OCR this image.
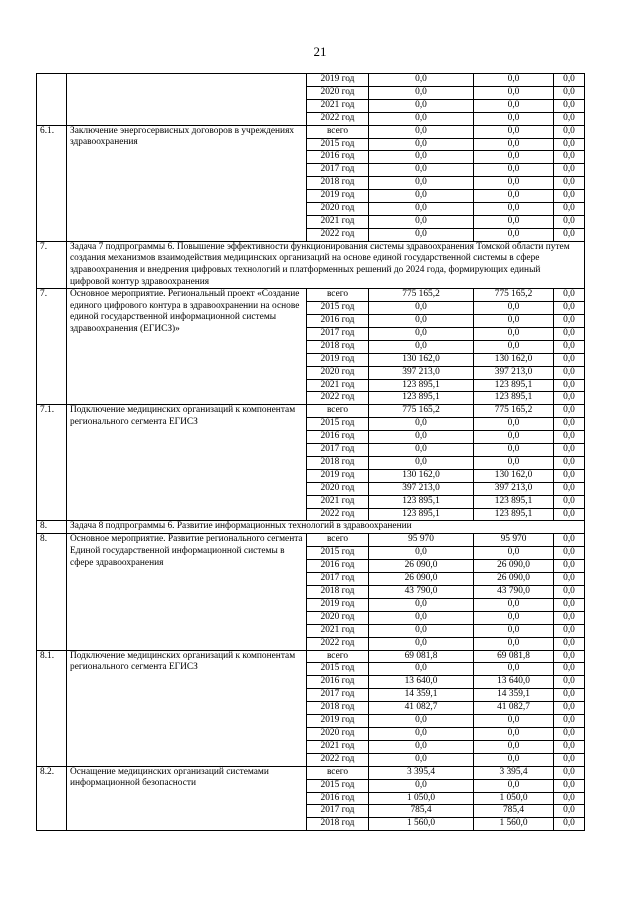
21
		2019 год	0,0	0,0	0,0
		2020 год	0,0	0,0	0,0
		2021 год	0,0	0,0	0,0
		2022 год	0,0	0,0	0,0
6.1.	Заключение энергосервисных договоров в учреждениях здравоохранения	всего	0,0	0,0	0,0
		2015 год	0,0	0,0	0,0
		2016 год	0,0	0,0	0,0
		2017 год	0,0	0,0	0,0
		2018 год	0,0	0,0	0,0
		2019 год	0,0	0,0	0,0
		2020 год	0,0	0,0	0,0
		2021 год	0,0	0,0	0,0
		2022 год	0,0	0,0	0,0
7.	Задача 7 подпрограммы 6. Повышение эффективности функционирования системы здравоохранения Томской области путем создания механизмов взаимодействия медицинских организаций на основе единой государственной системы в сфере здравоохранения и внедрения цифровых технологий и платформенных решений до 2024 года, формирующих единый цифровой контур здравоохранения				
7.	Основное мероприятие. Региональный проект «Создание единого цифрового контура в здравоохранении на основе единой государственной информационной системы здравоохранения (ЕГИСЗ)»	всего	775 165,2	775 165,2	0,0
		2015 год	0,0	0,0	0,0
		2016 год	0,0	0,0	0,0
		2017 год	0,0	0,0	0,0
		2018 год	0,0	0,0	0,0
		2019 год	130 162,0	130 162,0	0,0
		2020 год	397 213,0	397 213,0	0,0
		2021 год	123 895,1	123 895,1	0,0
		2022 год	123 895,1	123 895,1	0,0
7.1.	Подключение медицинских организаций к компонентам регионального сегмента ЕГИСЗ	всего	775 165,2	775 165,2	0,0
		2015 год	0,0	0,0	0,0
		2016 год	0,0	0,0	0,0
		2017 год	0,0	0,0	0,0
		2018 год	0,0	0,0	0,0
		2019 год	130 162,0	130 162,0	0,0
		2020 год	397 213,0	397 213,0	0,0
		2021 год	123 895,1	123 895,1	0,0
		2022 год	123 895,1	123 895,1	0,0
8.	Задача 8 подпрограммы 6. Развитие информационных технологий в здравоохранении				
8.	Основное мероприятие. Развитие регионального сегмента Единой государственной информационной системы в сфере здравоохранения	всего	95 970	95 970	0,0
		2015 год	0,0	0,0	0,0
		2016 год	26 090,0	26 090,0	0,0
		2017 год	26 090,0	26 090,0	0,0
		2018 год	43 790,0	43 790,0	0,0
		2019 год	0,0	0,0	0,0
		2020 год	0,0	0,0	0,0
		2021 год	0,0	0,0	0,0
		2022 год	0,0	0,0	0,0
8.1.	Подключение медицинских организаций к компонентам регионального сегмента ЕГИСЗ	всего	69 081,8	69 081,8	0,0
		2015 год	0,0	0,0	0,0
		2016 год	13 640,0	13 640,0	0,0
		2017 год	14 359,1	14 359,1	0,0
		2018 год	41 082,7	41 082,7	0,0
		2019 год	0,0	0,0	0,0
		2020 год	0,0	0,0	0,0
		2021 год	0,0	0,0	0,0
		2022 год	0,0	0,0	0,0
8.2.	Оснащение медицинских организаций системами информационной безопасности	всего	3 395,4	3 395,4	0,0
		2015 год	0,0	0,0	0,0
		2016 год	1 050,0	1 050,0	0,0
		2017 год	785,4	785,4	0,0
		2018 год	1 560,0	1 560,0	0,0
